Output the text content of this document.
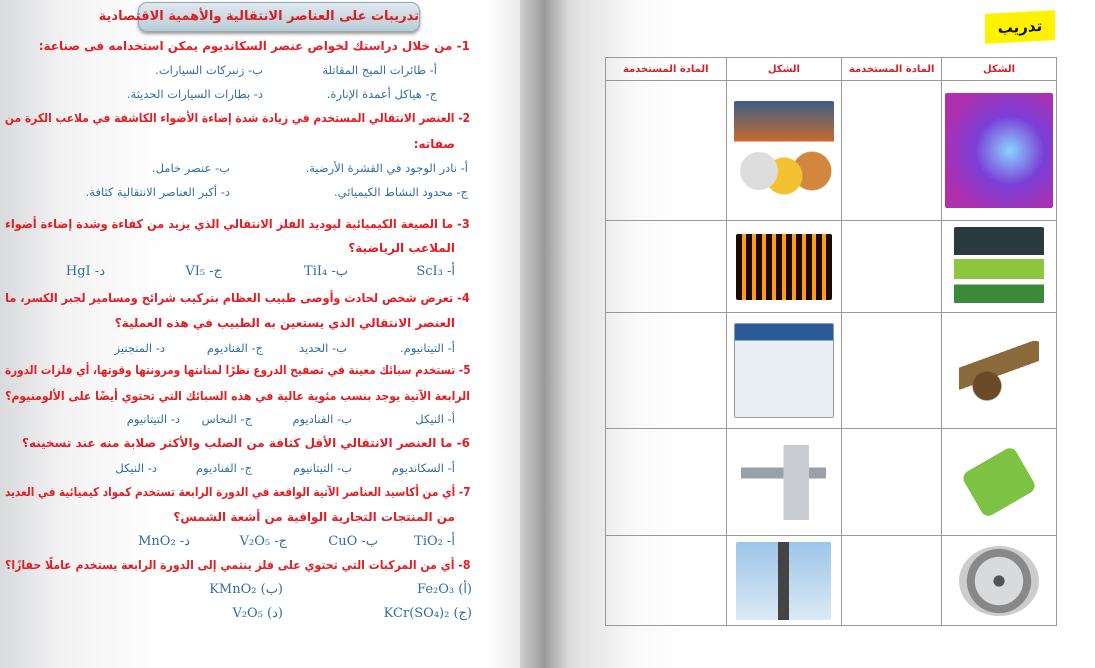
تدريبات على العناصر الانتقالية والأهمية الاقتصادية
1- من خلال دراستك لخواص عنصر السكانديوم يمكن استخدامه فى صناعة:
أ- طائرات الميج المقاتلة
ب- زنبركات السيارات.
ج- هياكل أعمدة الإنارة.
د- بطارات السيارات الحديثة.
2- العنصر الانتقالي المستخدم في زيادة شدة إضاءة الأضواء الكاشفة في ملاعب الكرة من
صفاته:
أ- نادر الوجود في القشرة الأرضية.
ب- عنصر خامل.
ج- محدود النشاط الكيميائي.
د- أكبر العناصر الانتقالية كثافة.
3- ما الصيغة الكيميائية ليوديد الفلز الانتقالي الذي يزيد من كفاءة وشدة إضاءة أضواء
الملاعب الرياضية؟
أ- ScI₃
ب- TiI₄
ج- VI₅
د- HgI
4- تعرض شخص لحادث وأوصى طبيب العظام بتركيب شرائح ومسامير لجبر الكسر، ما
العنصر الانتقالي الذي يستعين به الطبيب في هذه العملية؟
أ- التيتانيوم.
ب- الحديد
ج- الفناديوم
د- المنجنيز
5- تستخدم سبائك معينة في تصفيح الدروع نظرًا لمتانتها ومرونتها وقوتها، أي فلزات الدورة
الرابعة الآتية يوجد بنسب مئوية عالية في هذه السبائك التي تحتوي أيضًا على الألومنيوم؟
أ- النيكل
ب- الفناديوم
ج- النحاس
د- التيتانيوم
6- ما العنصر الانتقالي الأقل كثافة من الصلب والأكثر صلابة منه عند تسخينه؟
أ- السكانديوم
ب- التيتانيوم
ج- الفناديوم
د- النيكل
7- أي من أكاسيد العناصر الآتية الواقعة في الدورة الرابعة تستخدم كمواد كيميائية في العديد
من المنتجات التجارية الواقية من أشعة الشمس؟
أ- TiO₂
ب- CuO
ج- V₂O₅
د- MnO₂
8- أي من المركبات التي تحتوي على فلز ينتمي إلى الدورة الرابعة يستخدم عاملًا حفازًا؟
(أ) Fe₂O₃
(ب) KMnO₂
(ج) KCr(SO₄)₂
(د) V₂O₅
تدريب
الشكل	المادة المستخدمة	الشكل	المادة المستخدمة
